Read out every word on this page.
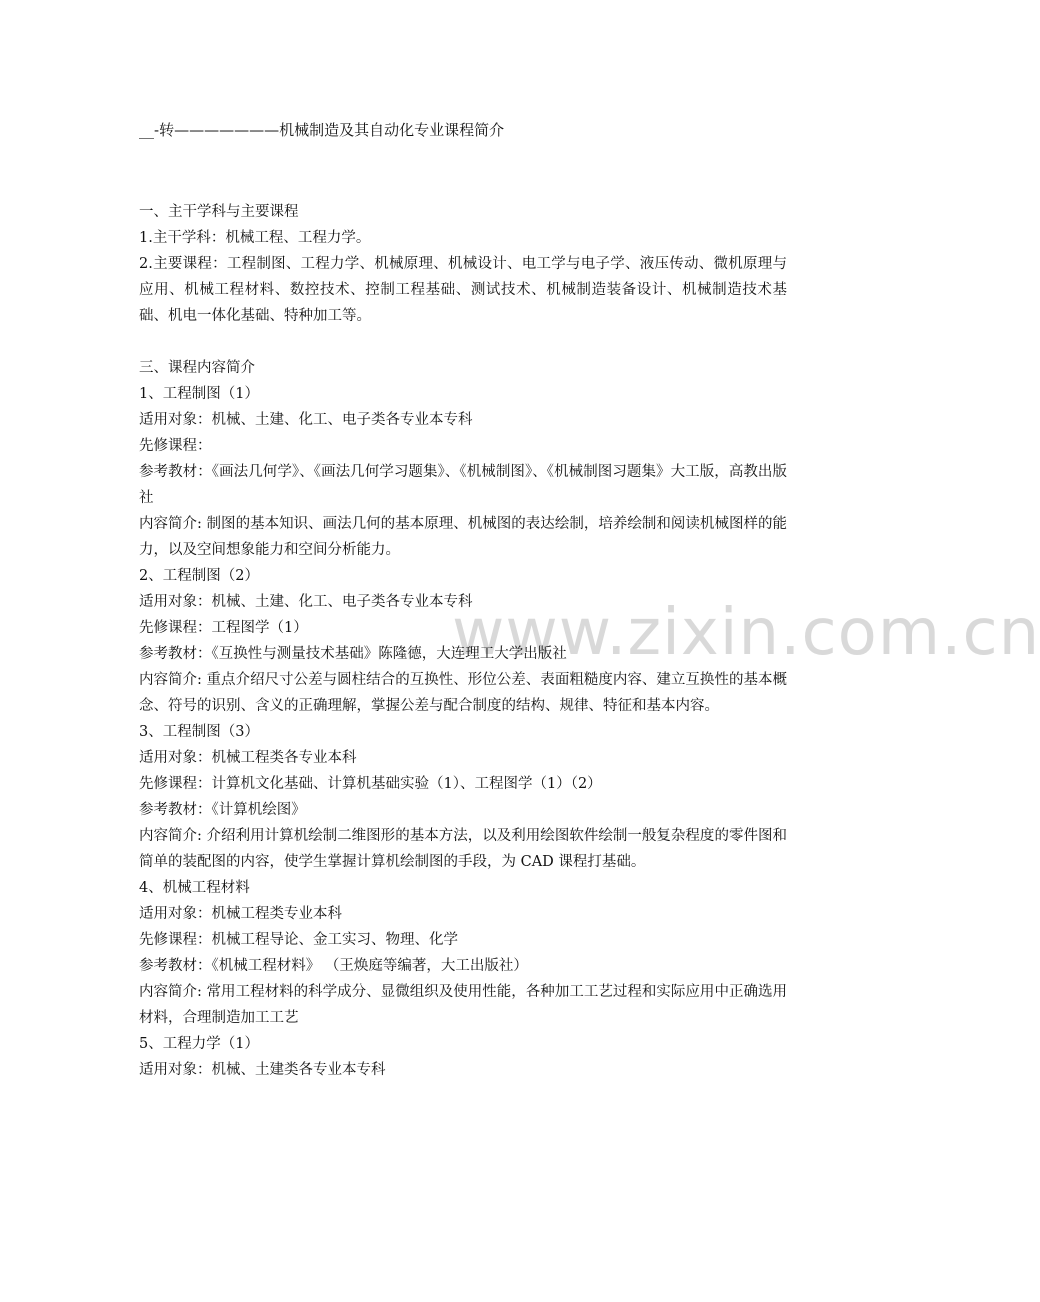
www.zixin.com.cn
__-转———————机械制造及其自动化专业课程简介
一、主干学科与主要课程
1.主干学科：机械工程、工程力学。
2.主要课程：工程制图、工程力学、机械原理、机械设计、电工学与电子学、液压传动、微机原理与应用、机械工程材料、数控技术、控制工程基础、测试技术、机械制造装备设计、机械制造技术基础、机电一体化基础、特种加工等。
三、课程内容简介
1、工程制图（1）
适用对象：机械、土建、化工、电子类各专业本专科
先修课程：
参考教材：《画法几何学》、《画法几何学习题集》、《机械制图》、《机械制图习题集》大工版，高教出版社
内容简介: 制图的基本知识、画法几何的基本原理、机械图的表达绘制，培养绘制和阅读机械图样的能力，以及空间想象能力和空间分析能力。
2、工程制图（2）
适用对象：机械、土建、化工、电子类各专业本专科
先修课程：工程图学（1）
参考教材：《互换性与测量技术基础》陈隆德，大连理工大学出版社
内容简介: 重点介绍尺寸公差与圆柱结合的互换性、形位公差、表面粗糙度内容、建立互换性的基本概念、符号的识别、含义的正确理解，掌握公差与配合制度的结构、规律、特征和基本内容。
3、工程制图（3）
适用对象：机械工程类各专业本科
先修课程：计算机文化基础、计算机基础实验（1）、工程图学（1）（2）
参考教材：《计算机绘图》
内容简介: 介绍利用计算机绘制二维图形的基本方法，以及利用绘图软件绘制一般复杂程度的零件图和简单的装配图的内容，使学生掌握计算机绘制图的手段，为 CAD 课程打基础。
4、机械工程材料
适用对象：机械工程类专业本科
先修课程：机械工程导论、金工实习、物理、化学
参考教材：《机械工程材料》 （王焕庭等编著，大工出版社）
内容简介: 常用工程材料的科学成分、显微组织及使用性能，各种加工工艺过程和实际应用中正确选用材料，合理制造加工工艺
5、工程力学（1）
适用对象：机械、土建类各专业本专科
